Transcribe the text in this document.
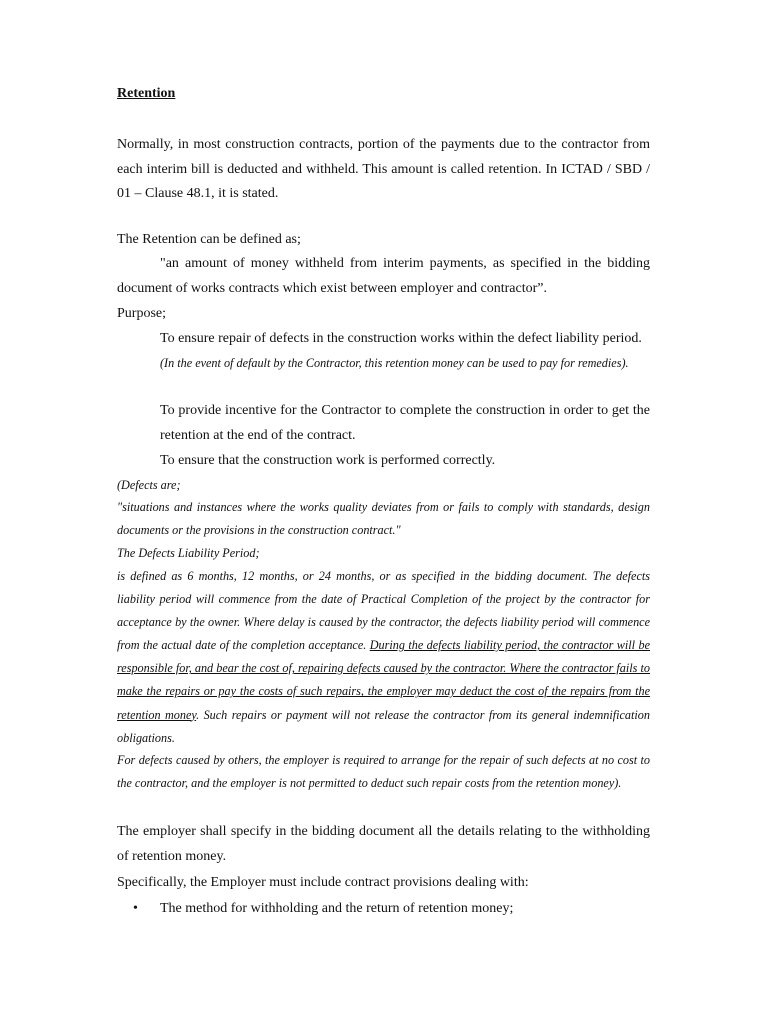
Retention

Normally, in most construction contracts, portion of the payments due to the contractor from each interim bill is deducted and withheld. This amount is called retention. In ICTAD / SBD / 01 – Clause 48.1, it is stated.

The Retention can be defined as;

"an amount of money withheld from interim payments, as specified in the bidding document of works contracts which exist between employer and contractor”.

Purpose;

To ensure repair of defects in the construction works within the defect liability period.

(In the event of default by the Contractor, this retention money can be used to pay for remedies).

To provide incentive for the Contractor to complete the construction in order to get the retention at the end of the contract.

To ensure that the construction work is performed correctly.

(Defects are;

"situations and instances where the works quality deviates from or fails to comply with standards, design documents or the provisions in the construction contract."

The Defects Liability Period;

is defined as 6 months, 12 months, or 24 months, or as specified in the bidding document. The defects liability period will commence from the date of Practical Completion of the project by the contractor for acceptance by the owner. Where delay is caused by the contractor, the defects liability period will commence from the actual date of the completion acceptance. During the defects liability period, the contractor will be responsible for, and bear the cost of, repairing defects caused by the contractor. Where the contractor fails to make the repairs or pay the costs of such repairs, the employer may deduct the cost of the repairs from the retention money. Such repairs or payment will not release the contractor from its general indemnification obligations.

For defects caused by others, the employer is required to arrange for the repair of such defects at no cost to the contractor, and the employer is not permitted to deduct such repair costs from the retention money).

The employer shall specify in the bidding document all the details relating to the withholding of retention money.

Specifically, the Employer must include contract provisions dealing with:

•	The method for withholding and the return of retention money;
